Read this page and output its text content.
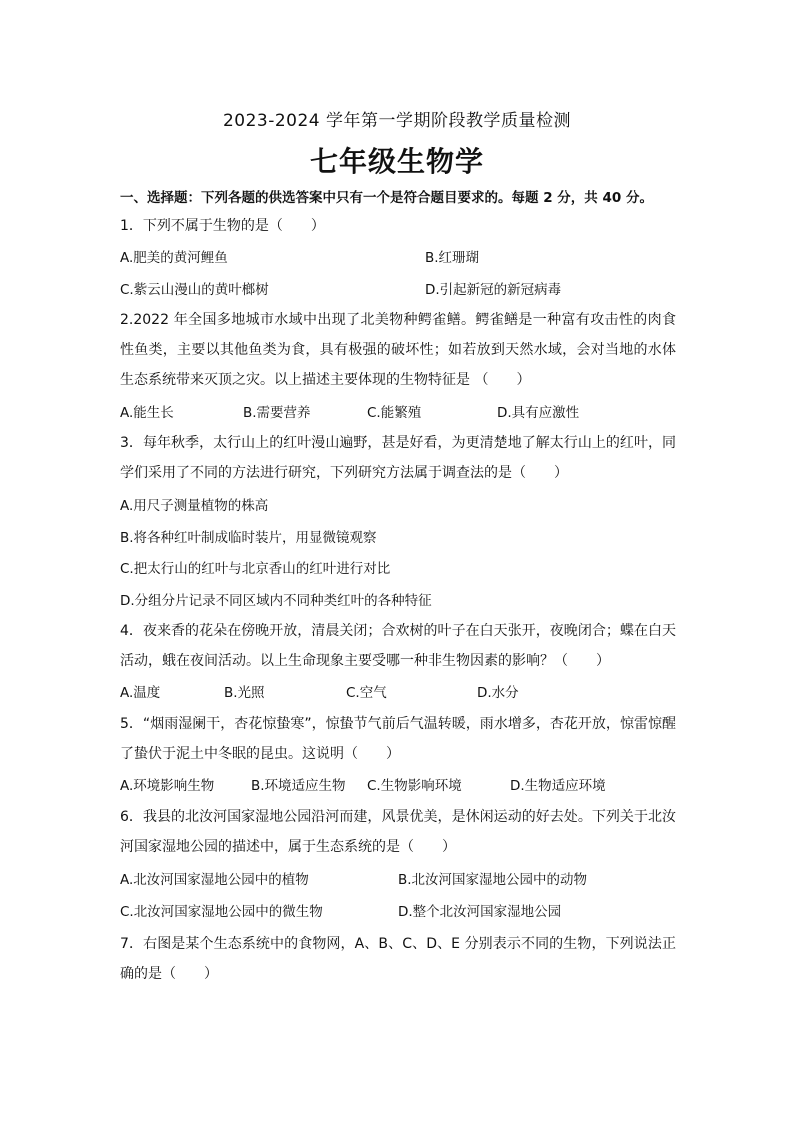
2023-2024 学年第一学期阶段教学质量检测
七年级生物学
一、选择题：下列各题的供选答案中只有一个是符合题目要求的。每题 2 分，共 40 分。
1．下列不属于生物的是（　　）
A.肥美的黄河鲤鱼	B.红珊瑚
C.紫云山漫山的黄叶榔树	D.引起新冠的新冠病毒
2.2022 年全国多地城市水域中出现了北美物种鳄雀鳝。鳄雀鳝是一种富有攻击性的肉食性鱼类，主要以其他鱼类为食，具有极强的破坏性；如若放到天然水域，会对当地的水体生态系统带来灭顶之灾。以上描述主要体现的生物特征是 （　　）
A.能生长	B.需要营养	C.能繁殖	D.具有应激性
3．每年秋季，太行山上的红叶漫山遍野，甚是好看，为更清楚地了解太行山上的红叶，同学们采用了不同的方法进行研究，下列研究方法属于调查法的是（　　）
A.用尺子测量植物的株高
B.将各种红叶制成临时装片，用显微镜观察
C.把太行山的红叶与北京香山的红叶进行对比
D.分组分片记录不同区域内不同种类红叶的各种特征
4．夜来香的花朵在傍晚开放，清晨关闭；合欢树的叶子在白天张开，夜晚闭合；蝶在白天活动，蛾在夜间活动。以上生命现象主要受哪一种非生物因素的影响？（　　）
A.温度	B.光照	C.空气	D.水分
5．“烟雨湿阑干，杏花惊蛰寒”，惊蛰节气前后气温转暖，雨水增多，杏花开放，惊雷惊醒了蛰伏于泥土中冬眠的昆虫。这说明（　　）
A.环境影响生物	B.环境适应生物 C.生物影响环境	D.生物适应环境
6．我县的北汝河国家湿地公园沿河而建，风景优美，是休闲运动的好去处。下列关于北汝河国家湿地公园的描述中，属于生态系统的是（　　）
A.北汝河国家湿地公园中的植物	B.北汝河国家湿地公园中的动物
C.北汝河国家湿地公园中的微生物	D.整个北汝河国家湿地公园
7．右图是某个生态系统中的食物网，A、B、C、D、E 分别表示不同的生物，下列说法正确的是（　　）
